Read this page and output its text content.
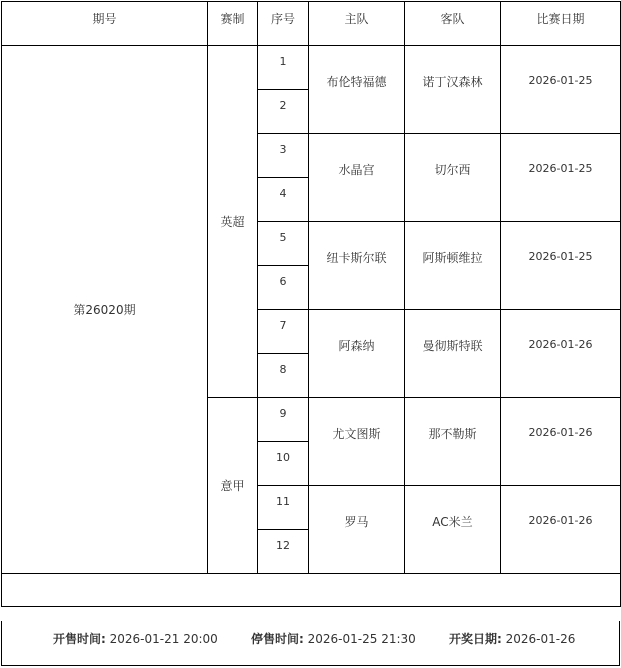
期号	赛制	序号	主队	客队	比赛日期
第26020期	英超	1	布伦特福德	诺丁汉森林	2026-01-25
		2			
		3	水晶宫	切尔西	2026-01-25
		4			
		5	纽卡斯尔联	阿斯顿维拉	2026-01-25
		6			
		7	阿森纳	曼彻斯特联	2026-01-26
		8			
	意甲	9	尤文图斯	那不勒斯	2026-01-26
		10			
		11	罗马	AC米兰	2026-01-26
		12			

开售时间: 2026-01-21 20:00	停售时间: 2026-01-25 21:30	开奖日期: 2026-01-26
